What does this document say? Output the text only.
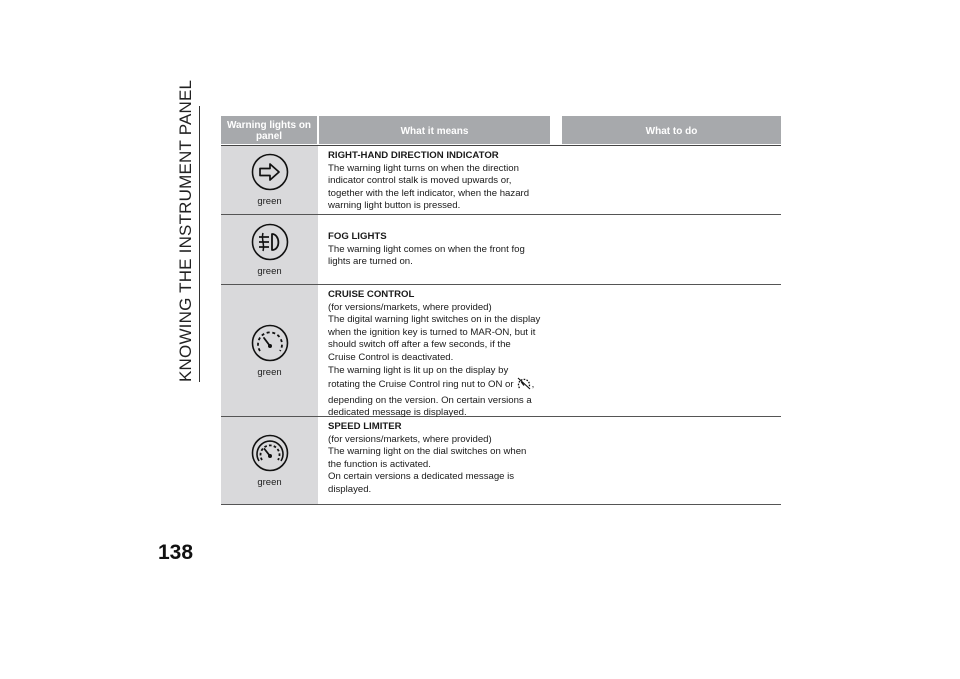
KNOWING THE INSTRUMENT PANEL
138
Warning lights on panel	What it means	What to do
green
RIGHT-HAND DIRECTION INDICATOR
The warning light turns on when the direction
indicator control stalk is moved upwards or,
together with the left indicator, when the hazard
warning light button is pressed.
green
FOG LIGHTS
The warning light comes on when the front fog
lights are turned on.
green
CRUISE CONTROL
(for versions/markets, where provided)
The digital warning light switches on in the display
when the ignition key is turned to MAR-ON, but it
should switch off after a few seconds, if the
Cruise Control is deactivated.
The warning light is lit up on the display by
rotating the Cruise Control ring nut to ON or ,
depending on the version. On certain versions a
dedicated message is displayed.
green
SPEED LIMITER
(for versions/markets, where provided)
The warning light on the dial switches on when
the function is activated.
On certain versions a dedicated message is
displayed.
